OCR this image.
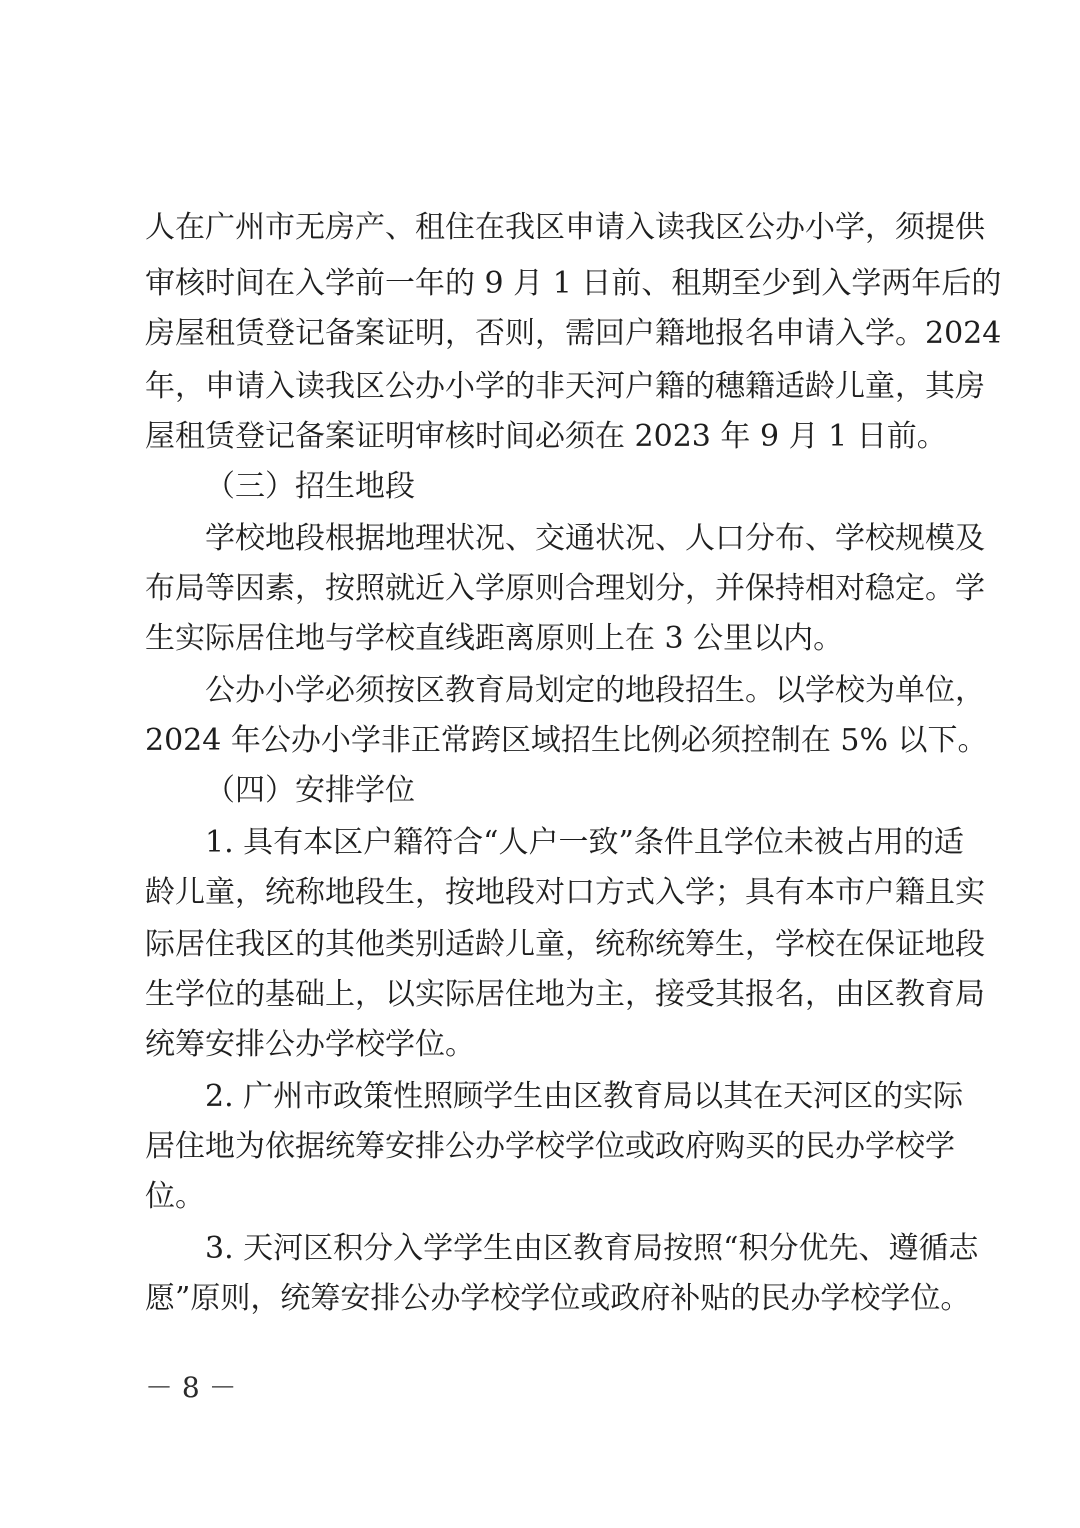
人在广州市无房产、租住在我区申请入读我区公办小学，须提供
审核时间在入学前一年的 9 月 1 日前、租期至少到入学两年后的
房屋租赁登记备案证明，否则，需回户籍地报名申请入学。2024
年，申请入读我区公办小学的非天河户籍的穗籍适龄儿童，其房
屋租赁登记备案证明审核时间必须在 2023 年 9 月 1 日前。
（三）招生地段
学校地段根据地理状况、交通状况、人口分布、学校规模及
布局等因素，按照就近入学原则合理划分，并保持相对稳定。学
生实际居住地与学校直线距离原则上在 3 公里以内。
公办小学必须按区教育局划定的地段招生。以学校为单位，
2024 年公办小学非正常跨区域招生比例必须控制在 5% 以下。
（四）安排学位
1. 具有本区户籍符合“人户一致”条件且学位未被占用的适
龄儿童，统称地段生，按地段对口方式入学；具有本市户籍且实
际居住我区的其他类别适龄儿童，统称统筹生，学校在保证地段
生学位的基础上，以实际居住地为主，接受其报名，由区教育局
统筹安排公办学校学位。
2. 广州市政策性照顾学生由区教育局以其在天河区的实际
居住地为依据统筹安排公办学校学位或政府购买的民办学校学
位。
3. 天河区积分入学学生由区教育局按照“积分优先、遵循志
愿”原则，统筹安排公办学校学位或政府补贴的民办学校学位。
－ 8 －
